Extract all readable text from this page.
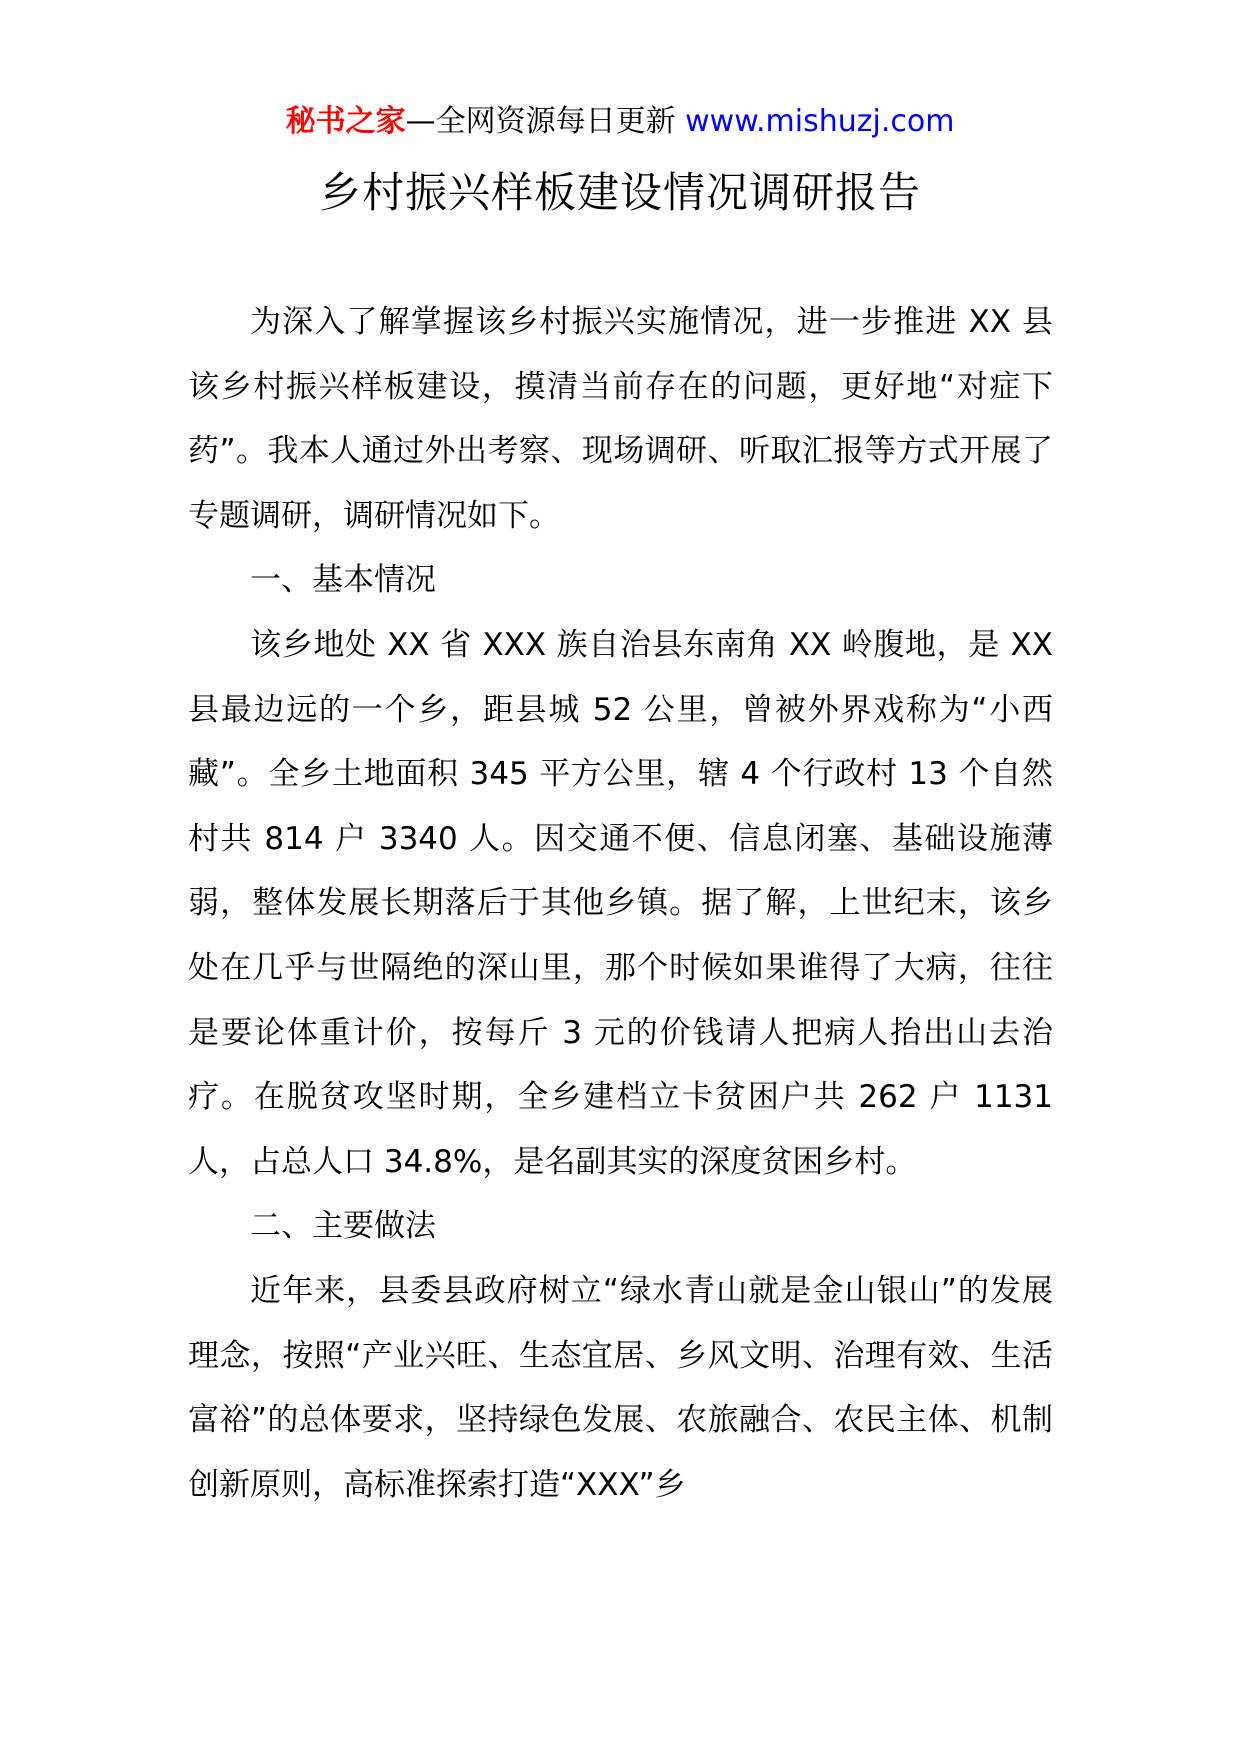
秘书之家—全网资源每日更新 www.mishuzj.com
乡村振兴样板建设情况调研报告

为深入了解掌握该乡村振兴实施情况，进一步推进 XX 县该乡村振兴样板建设，摸清当前存在的问题，更好地“对症下药”。我本人通过外出考察、现场调研、听取汇报等方式开展了专题调研，调研情况如下。

一、基本情况

该乡地处 XX 省 XXX 族自治县东南角 XX 岭腹地，是 XX 县最边远的一个乡，距县城 52 公里，曾被外界戏称为“小西藏”。全乡土地面积 345 平方公里，辖 4 个行政村 13 个自然村共 814 户 3340 人。因交通不便、信息闭塞、基础设施薄弱，整体发展长期落后于其他乡镇。据了解，上世纪末，该乡处在几乎与世隔绝的深山里，那个时候如果谁得了大病，往往是要论体重计价，按每斤 3 元的价钱请人把病人抬出山去治疗。在脱贫攻坚时期，全乡建档立卡贫困户共 262 户 1131 人，占总人口 34.8%，是名副其实的深度贫困乡村。

二、主要做法

近年来，县委县政府树立“绿水青山就是金山银山”的发展理念，按照“产业兴旺、生态宜居、乡风文明、治理有效、生活富裕”的总体要求，坚持绿色发展、农旅融合、农民主体、机制创新原则，高标准探索打造“XXX”乡
